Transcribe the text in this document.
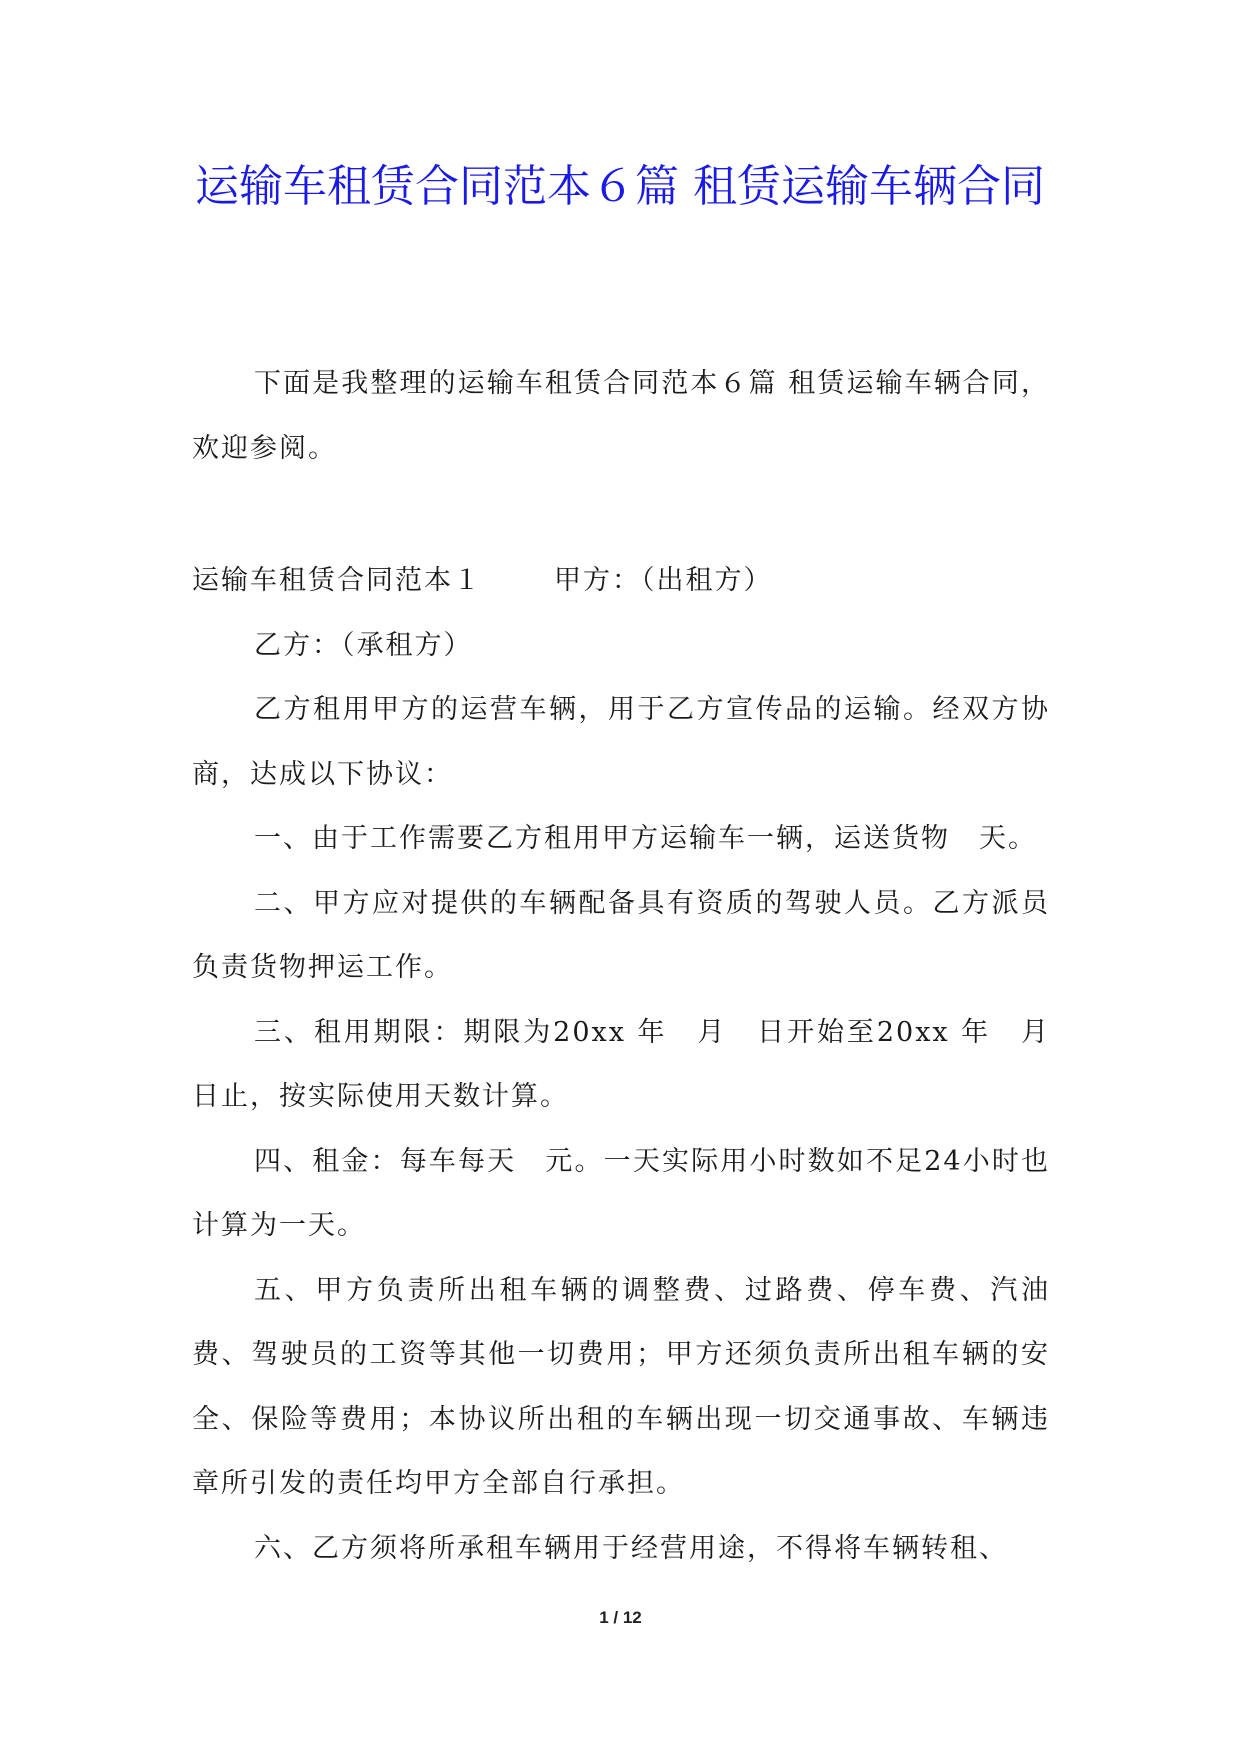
运输车租赁合同范本６篇 租赁运输车辆合同

下面是我整理的运输车租赁合同范本６篇 租赁运输车辆合同，欢迎参阅。

运输车租赁合同范本１	甲方：（出租方）

乙方：（承租方）

乙方租用甲方的运营车辆，用于乙方宣传品的运输。经双方协商，达成以下协议：

一、由于工作需要乙方租用甲方运输车一辆，运送货物　天。

二、甲方应对提供的车辆配备具有资质的驾驶人员。乙方派员负责货物押运工作。

三、租用期限：期限为20xx 年　月　日开始至20xx 年　月　日止，按实际使用天数计算。

四、租金：每车每天　元。一天实际用小时数如不足24小时也计算为一天。

五、甲方负责所出租车辆的调整费、过路费、停车费、汽油费、驾驶员的工资等其他一切费用；甲方还须负责所出租车辆的安全、保险等费用；本协议所出租的车辆出现一切交通事故、车辆违章所引发的责任均甲方全部自行承担。

六、乙方须将所承租车辆用于经营用途，不得将车辆转租、

1 / 12
